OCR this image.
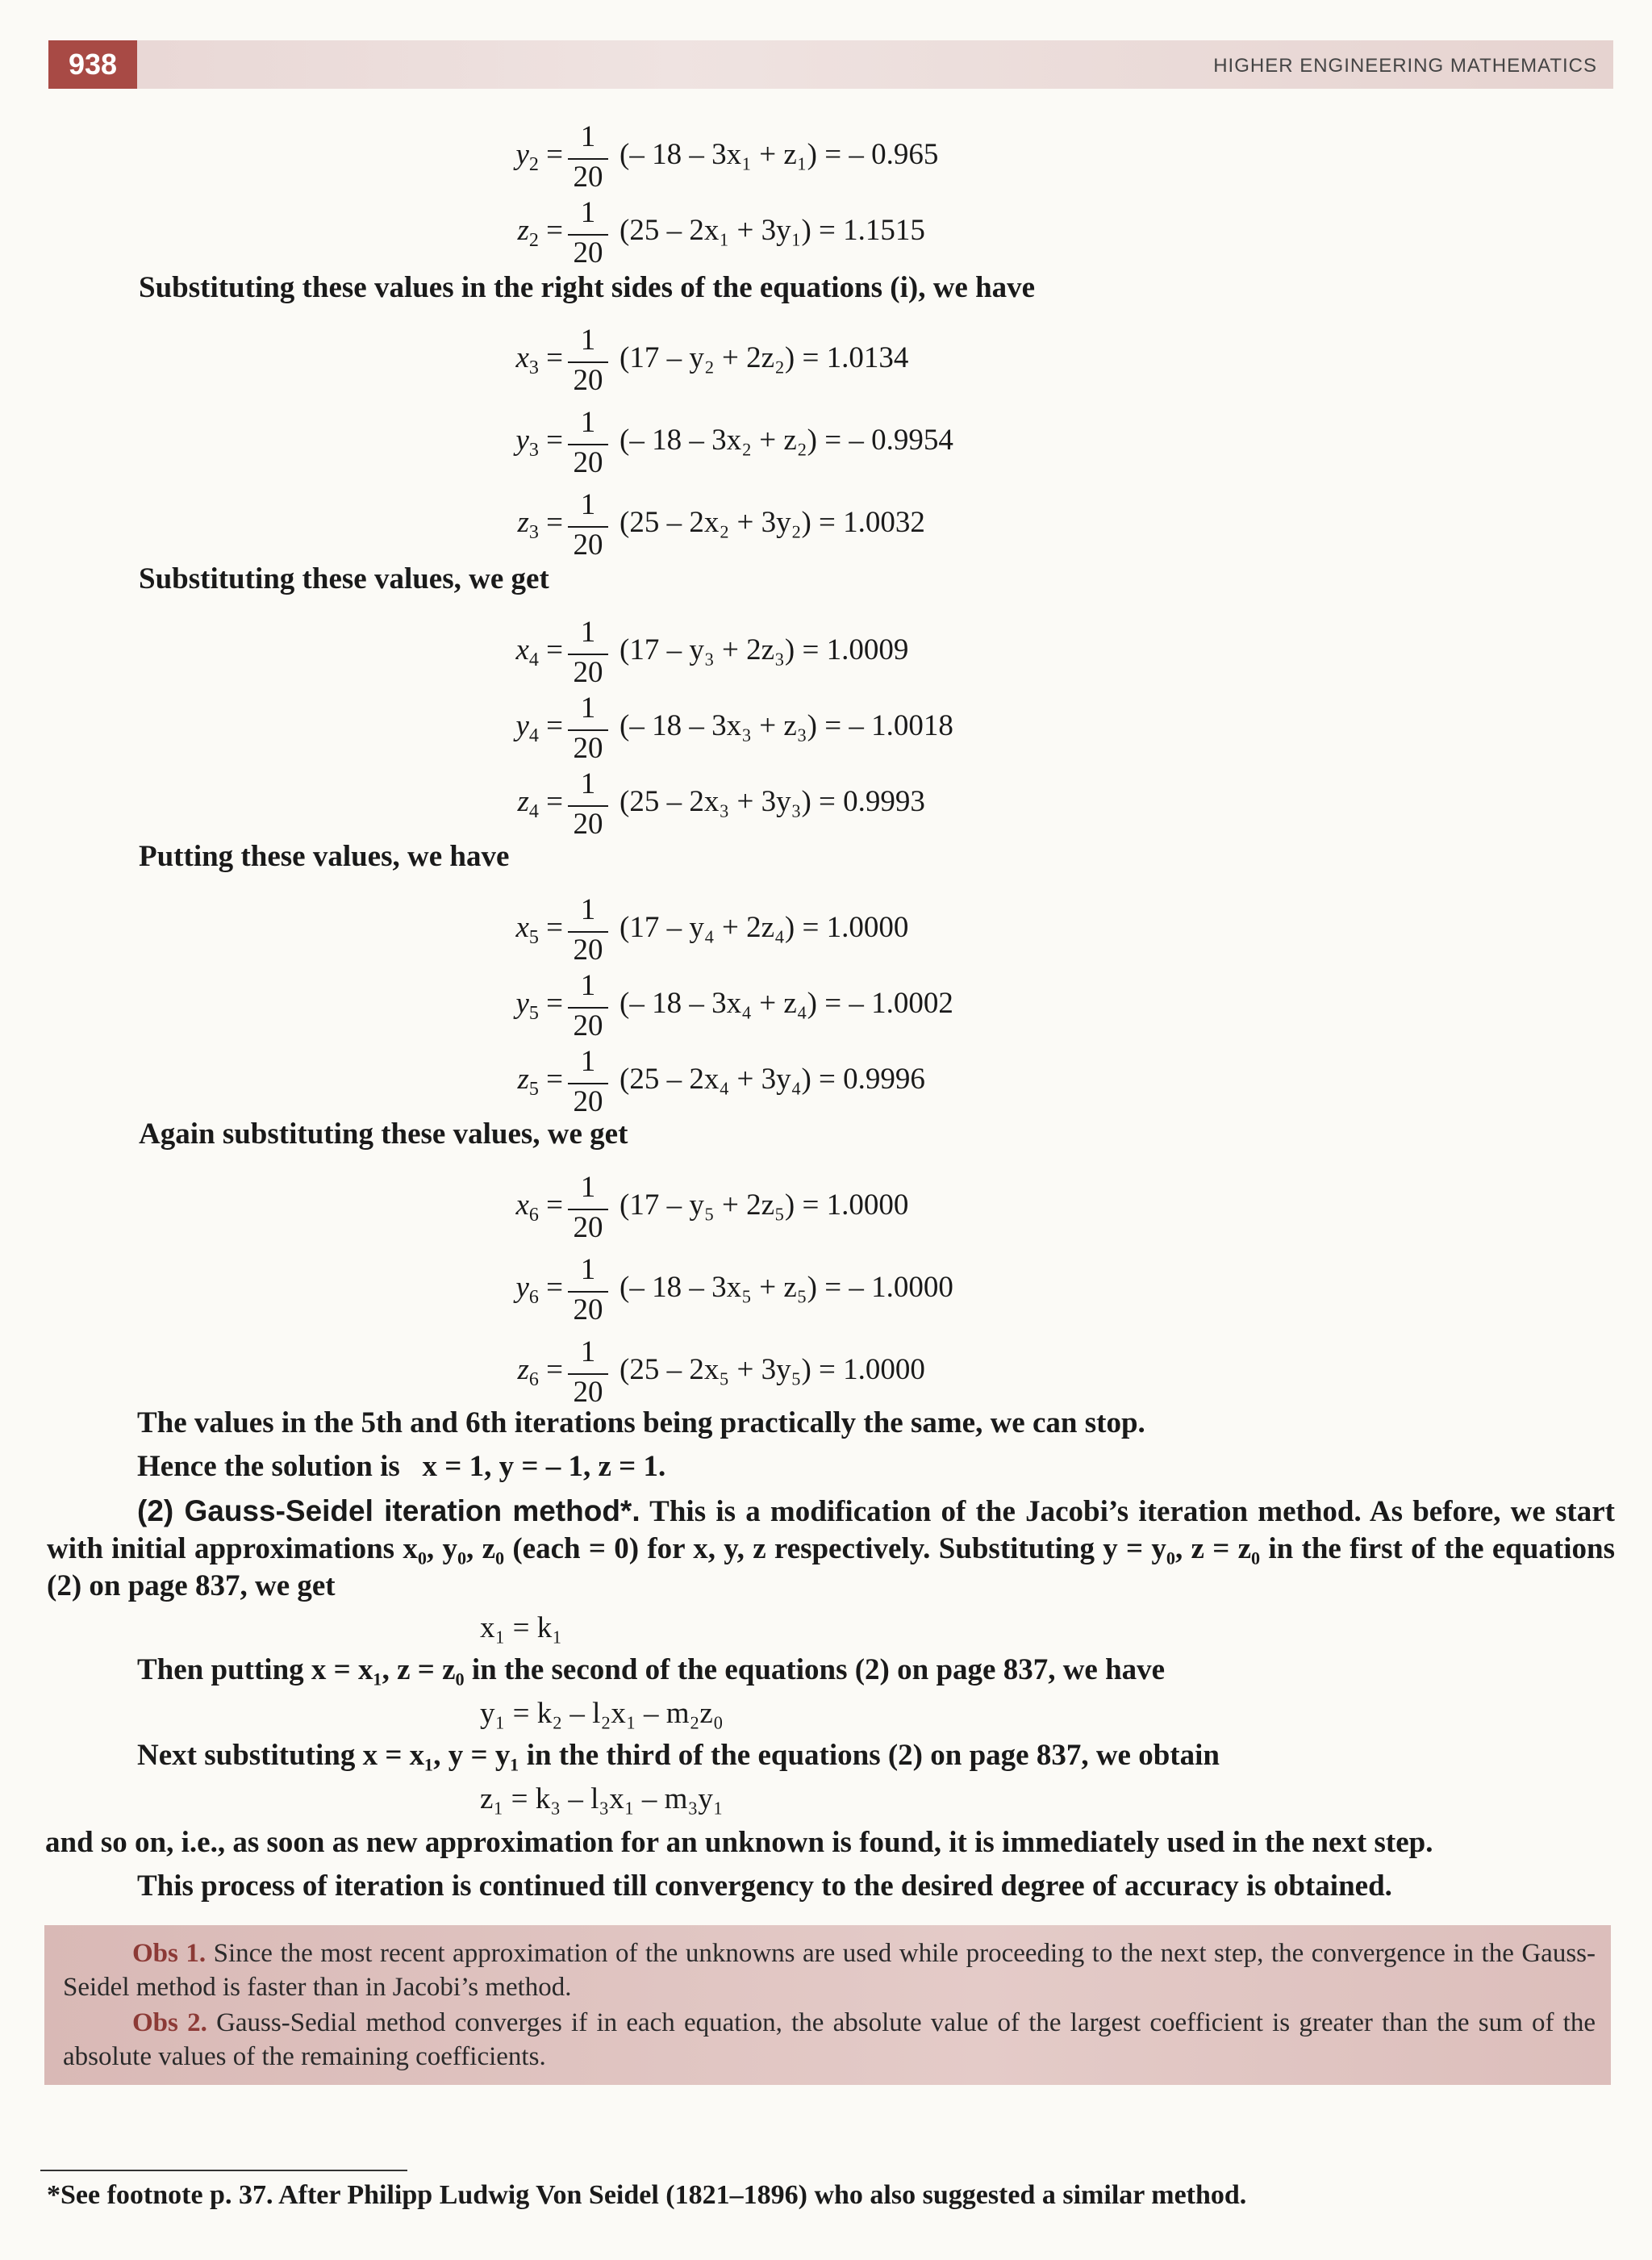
938	HIGHER ENGINEERING MATHEMATICS
$y_2$ =
1
20
(– 18 – 3x₁ + z₁) = – 0.965
$z_2$ =
1
20
(25 – 2x₁ + 3y₁) = 1.1515
Substituting these values in the right sides of the equations (i), we have
$x_3$ =
1
20
(17 – y₂ + 2z₂) = 1.0134
$y_3$ =
1
20
(– 18 – 3x₂ + z₂) = – 0.9954
$z_3$ =
1
20
(25 – 2x₂ + 3y₂) = 1.0032
Substituting these values, we get
$x_4$ =
1
20
(17 – y₃ + 2z₃) = 1.0009
$y_4$ =
1
20
(– 18 – 3x₃ + z₃) = – 1.0018
$z_4$ =
1
20
(25 – 2x₃ + 3y₃) = 0.9993
Putting these values, we have
$x_5$ =
1
20
(17 – y₄ + 2z₄) = 1.0000
$y_5$ =
1
20
(– 18 – 3x₄ + z₄) = – 1.0002
$z_5$ =
1
20
(25 – 2x₄ + 3y₄) = 0.9996
Again substituting these values, we get
$x_6$ =
1
20
(17 – y₅ + 2z₅) = 1.0000
$y_6$ =
1
20
(– 18 – 3x₅ + z₅) = – 1.0000
$z_6$ =
1
20
(25 – 2x₅ + 3y₅) = 1.0000
The values in the 5th and 6th iterations being practically the same, we can stop.
Hence the solution is   x = 1, y = – 1, z = 1.
(2) Gauss-Seidel iteration method*. This is a modification of the Jacobi’s iteration method. As before, we start with initial approximations x₀, y₀, z₀ (each = 0) for x, y, z respectively. Substituting y = y₀, z = z₀ in the first of the equations (2) on page 837, we get
x₁ = k₁
Then putting x = x₁, z = z₀ in the second of the equations (2) on page 837, we have
y₁ = k₂ – l₂x₁ – m₂z₀
Next substituting x = x₁, y = y₁ in the third of the equations (2) on page 837, we obtain
z₁ = k₃ – l₃x₁ – m₃y₁
and so on, i.e., as soon as new approximation for an unknown is found, it is immediately used in the next step.
This process of iteration is continued till convergency to the desired degree of accuracy is obtained.
Obs 1. Since the most recent approximation of the unknowns are used while proceeding to the next step, the convergence in the Gauss-Seidel method is faster than in Jacobi’s method.
Obs 2. Gauss-Sedial method converges if in each equation, the absolute value of the largest coefficient is greater than the sum of the absolute values of the remaining coefficients.
*See footnote p. 37. After Philipp Ludwig Von Seidel (1821–1896) who also suggested a similar method.
